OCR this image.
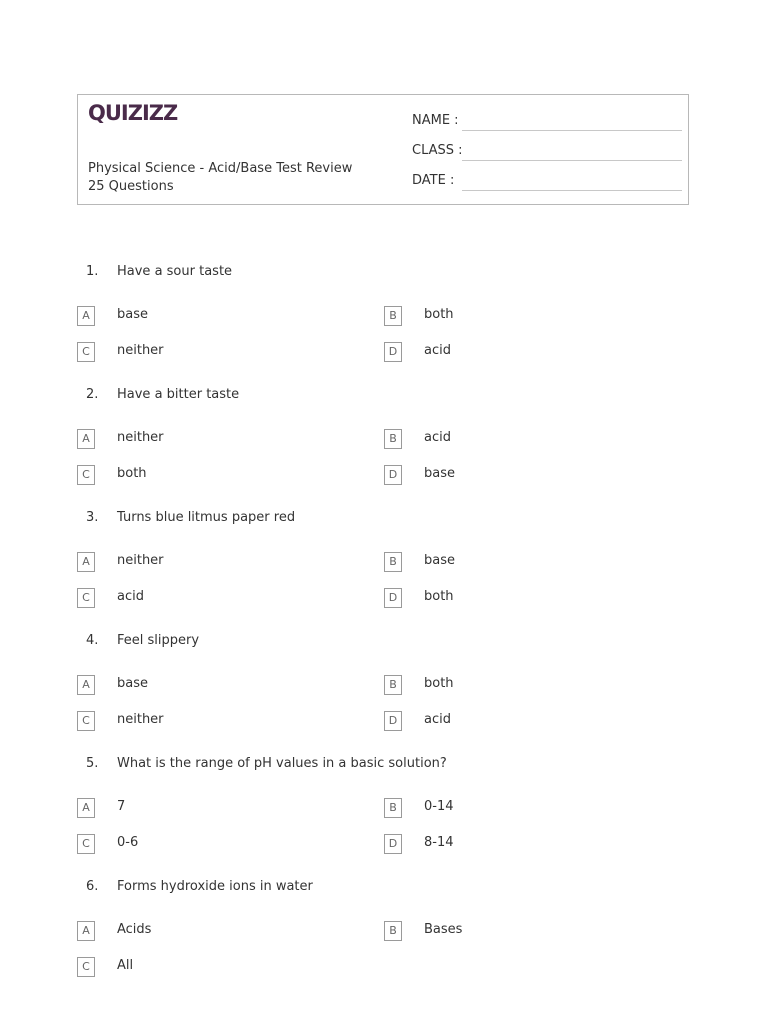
QUIZIZZ
Physical Science - Acid/Base Test Review
25 Questions
NAME :
CLASS :
DATE :
1. Have a sour taste
A	base	B	both
C	neither	D	acid
2. Have a bitter taste
A	neither	B	acid
C	both	D	base
3. Turns blue litmus paper red
A	neither	B	base
C	acid	D	both
4. Feel slippery
A	base	B	both
C	neither	D	acid
5. What is the range of pH values in a basic solution?
A	7	B	0-14
C	0-6	D	8-14
6. Forms hydroxide ions in water
A	Acids	B	Bases
C	All
